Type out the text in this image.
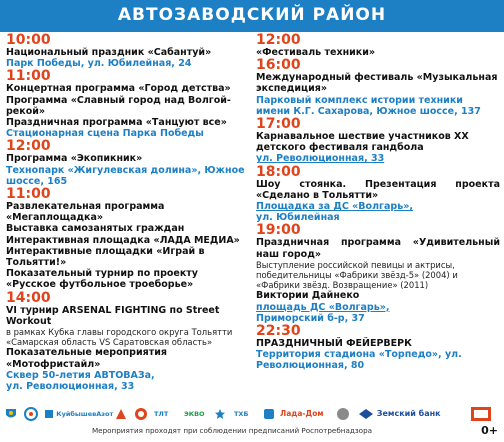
АВТОЗАВОДСКИЙ РАЙОН
10:00
Национальный праздник «Сабантуй»
Парк Победы, ул. Юбилейная, 24
11:00
Концертная программа «Город детства»
Программа «Славный город над Волгой-рекой»
Праздничная программа «Танцуют все»
Стационарная сцена Парка Победы
12:00
Программа «Экопикник»
Технопарк «Жигулевская долина», Южное шоссе, 165
11:00
Развлекательная программа «Мегаплощадка»
Выставка самозанятых граждан
Интерактивная площадка «ЛАДА МЕДИА»
Интерактивные площадки «Играй в Тольятти!»
Показательный турнир по проекту «Русское футбольное троеборье»
14:00
VI турнир ARSENAL FIGHTING по Street Workout
в рамках Кубка главы городского округа Тольятти «Самарская область VS Саратовская область»
Показательные мероприятия «Мотофристайл»
Сквер 50-летия АВТОВАЗа,
ул. Революционная, 33
12:00
«Фестиваль техники»
16:00
Международный фестиваль «Музыкальная экспедиция»
Парковый комплекс истории техники имени К.Г. Сахарова, Южное шоссе, 137
17:00
Карнавальное шествие участников XX детского фестиваля гандбола
ул. Революционная, 33
18:00
Шоу стоянка. Презентация проекта «Сделано в Тольятти»
Площадка за ДС «Волгарь»,
ул. Юбилейная
19:00
Праздничная программа «Удивительный наш город»
Выступление российской певицы и актрисы, победительницы «Фабрики звёзд-5» (2004) и «Фабрики звёзд. Возвращение» (2011)
Виктории Дайнеко
площадь ДС «Волгарь»,
Приморский б-р, 37
22:30
ПРАЗДНИЧНЫЙ ФЕЙЕРВЕРК
Территория стадиона «Торпедо», ул. Революционная, 80
КуйбышевАзот	ТЛТ ЭКВО	ТХБ	Лада-Дом	Земский банк
Мероприятия проходят при соблюдении предписаний Роспотребнадзора	0+
